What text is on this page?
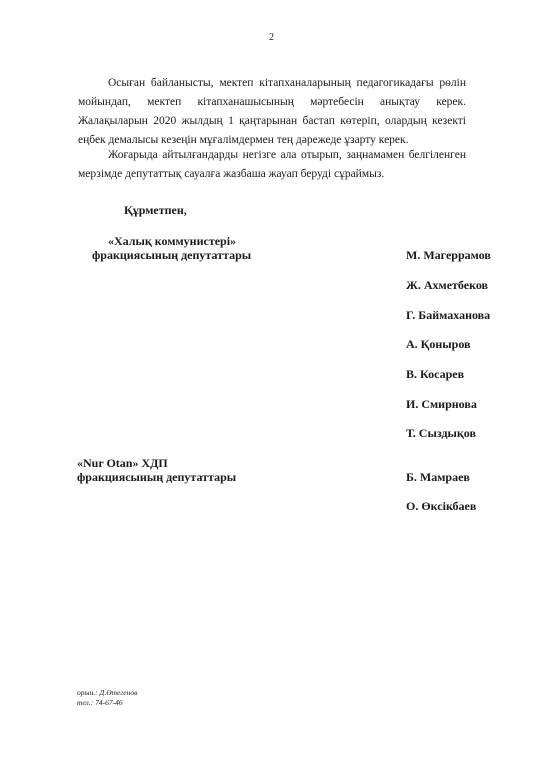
2

Осыған байланысты, мектеп кітапханаларының педагогикадағы рөлін мойындап, мектеп кітапханашысының мәртебесін анықтау керек. Жалақыларын 2020 жылдың 1 қаңтарынан бастап көтеріп, олардың кезекті еңбек демалысы кезеңін мұғалімдермен тең дәрежеде ұзарту керек.

Жоғарыда айтылғандарды негізге ала отырып, заңнамамен белгіленген мерзімде депутаттық сауалға жазбаша жауап беруді сұраймыз.

Құрметпен,
«Халық коммунистері»
фракциясының депутаттары	М. Магеррамов
Ж. Ахметбеков
Г. Баймаханова
А. Қоныров
В. Косарев
И. Смирнова
Т. Сыздықов
«Nur Otan» ХДП
фракциясының депутаттары	Б. Мамраев
О. Өксікбаев
орын.: Д.Өтегенов
тел.: 74-67-46
